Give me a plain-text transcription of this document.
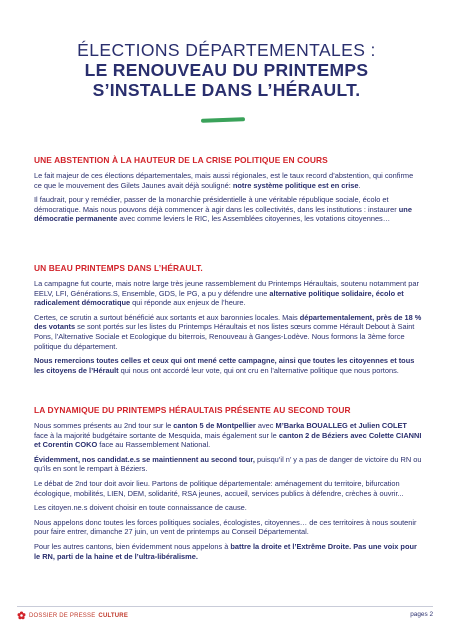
ÉLECTIONS DÉPARTEMENTALES :
LE RENOUVEAU DU PRINTEMPS
S’INSTALLE DANS L’HÉRAULT.
UNE ABSTENTION À LA HAUTEUR DE LA CRISE POLITIQUE EN COURS

Le fait majeur de ces élections départementales, mais aussi régionales, est le taux record d’abstention, qui confirme ce que le mouvement des Gilets Jaunes avait déjà souligné: notre système politique est en crise.

Il faudrait, pour y remédier, passer de la monarchie présidentielle à une véritable république sociale, écolo et démocratique. Mais nous pouvons déjà commencer à agir dans les collectivités, dans les institutions : instaurer une démocratie permanente avec comme leviers le RIC, les Assemblées citoyennes, les votations citoyennes…

UN BEAU PRINTEMPS DANS L’HÉRAULT.

La campagne fut courte, mais notre large très jeune rassemblement du Printemps Héraultais, soutenu notamment par EELV, LFI, Générations.S, Ensemble, GDS, le PG, a pu y défendre une alternative politique solidaire, écolo et radicalement démocratique qui réponde aux enjeux de l’heure.

Certes, ce scrutin a surtout bénéficié aux sortants et aux baronnies locales. Mais départementalement, près de 18 % des votants se sont portés sur les listes du Printemps Héraultais et nos listes sœurs comme Hérault Debout à Saint Pons, l’Alternative Sociale et Ecologique du biterrois, Renouveau à Ganges-Lodève. Nous formons la 3ème force politique du département.

Nous remercions toutes celles et ceux qui ont mené cette campagne, ainsi que toutes les citoyennes et tous les citoyens de l’Hérault qui nous ont accordé leur vote, qui ont cru en l’alternative politique que nous portons.

LA DYNAMIQUE DU PRINTEMPS HÉRAULTAIS PRÉSENTE AU SECOND TOUR

Nous sommes présents au 2nd tour sur le canton 5 de Montpellier avec M’Barka BOUALLEG et Julien COLET face à la majorité budgétaire sortante de Mesquida, mais également sur le canton 2 de Béziers avec Colette CIANNI et Corentin COKO face au Rassemblement National.

Évidemment, nos candidat.e.s se maintiennent au second tour, puisqu’il n’ y a pas de danger de victoire du RN ou qu’ils en sont le rempart à Béziers.

Le débat de 2nd tour doit avoir lieu. Partons de politique départementale: aménagement du territoire, bifurcation écologique, mobilités, LIEN, DEM, solidarité, RSA jeunes, accueil, services publics à défendre, crèches à ouvrir...

Les citoyen.ne.s doivent choisir en toute connaissance de cause.

Nous appelons donc toutes les forces politiques sociales, écologistes, citoyennes… de ces territoires à nous soutenir pour faire entrer, dimanche 27 juin, un vent de printemps au Conseil Départemental.

Pour les autres cantons, bien évidemment nous appelons à battre la droite et l’Extrême Droite. Pas une voix pour le RN, parti de la haine et de l’ultra-libéralisme.

DOSSIER DE PRESSE CULTURE	pages 2
